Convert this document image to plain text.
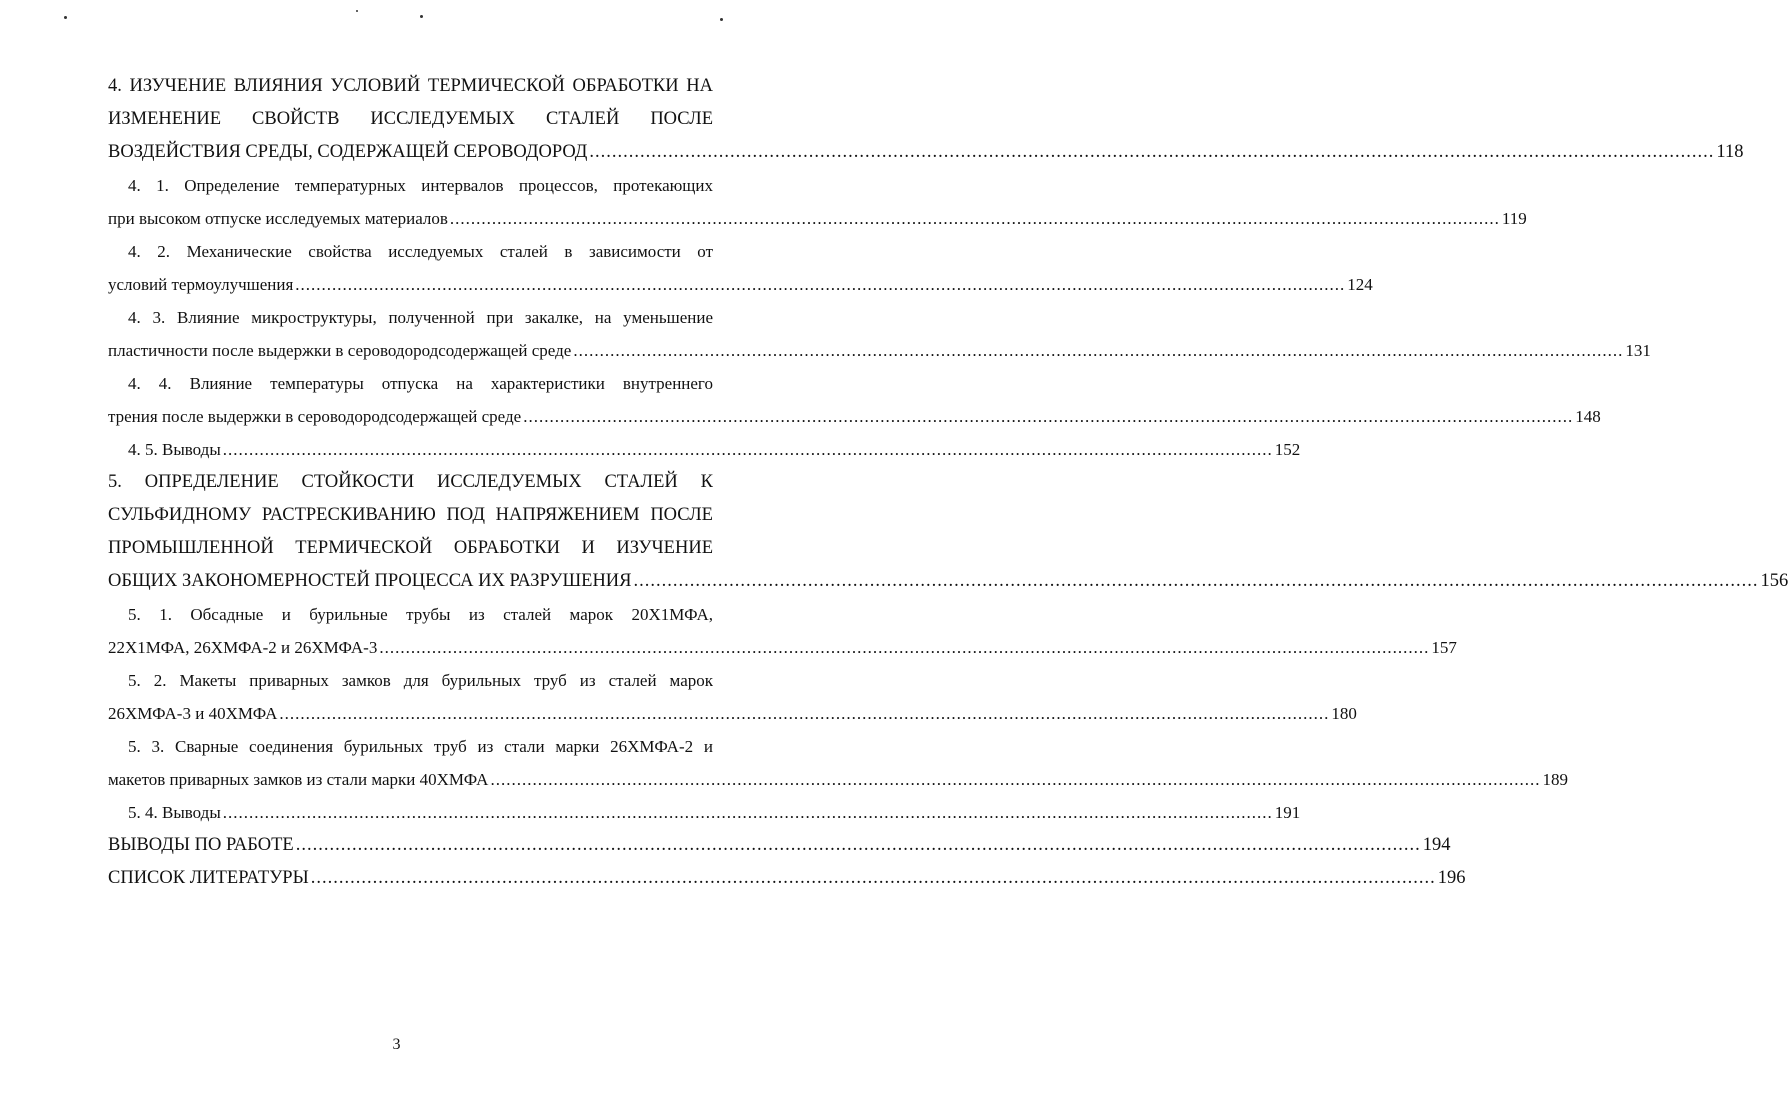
4. ИЗУЧЕНИЕ ВЛИЯНИЯ УСЛОВИЙ ТЕРМИЧЕСКОЙ ОБРАБОТКИ НА
ИЗМЕНЕНИЕ СВОЙСТВ ИССЛЕДУЕМЫХ СТАЛЕЙ ПОСЛЕ
ВОЗДЕЙСТВИЯ СРЕДЫ, СОДЕРЖАЩЕЙ СЕРОВОДОРОД ........................................................................................................................................................................................................ 118
4. 1. Определение температурных интервалов процессов, протекающих
при высоком отпуске исследуемых материалов ........................................................................................................................................................................................................ 119
4. 2. Механические свойства исследуемых сталей в зависимости от
условий термоулучшения ........................................................................................................................................................................................................ 124
4. 3. Влияние микроструктуры, полученной при закалке, на уменьшение
пластичности после выдержки в сероводородсодержащей среде ........................................................................................................................................................................................................ 131
4. 4. Влияние температуры отпуска на характеристики внутреннего
трения после выдержки в сероводородсодержащей среде ........................................................................................................................................................................................................ 148
4. 5. Выводы ........................................................................................................................................................................................................ 152
5. ОПРЕДЕЛЕНИЕ СТОЙКОСТИ ИССЛЕДУЕМЫХ СТАЛЕЙ К
СУЛЬФИДНОМУ РАСТРЕСКИВАНИЮ ПОД НАПРЯЖЕНИЕМ ПОСЛЕ
ПРОМЫШЛЕННОЙ ТЕРМИЧЕСКОЙ ОБРАБОТКИ И ИЗУЧЕНИЕ
ОБЩИХ ЗАКОНОМЕРНОСТЕЙ ПРОЦЕССА ИХ РАЗРУШЕНИЯ ........................................................................................................................................................................................................ 156
5. 1. Обсадные и бурильные трубы из сталей марок 20Х1МФА,
22Х1МФА, 26ХМФА-2 и 26ХМФА-3 ........................................................................................................................................................................................................ 157
5. 2. Макеты приварных замков для бурильных труб из сталей марок
26ХМФА-3 и 40ХМФА ........................................................................................................................................................................................................ 180
5. 3. Сварные соединения бурильных труб из стали марки 26ХМФА-2 и
макетов приварных замков из стали марки 40ХМФА ........................................................................................................................................................................................................ 189
5. 4. Выводы ........................................................................................................................................................................................................ 191
ВЫВОДЫ ПО РАБОТЕ ........................................................................................................................................................................................................ 194
СПИСОК ЛИТЕРАТУРЫ ........................................................................................................................................................................................................ 196
3
